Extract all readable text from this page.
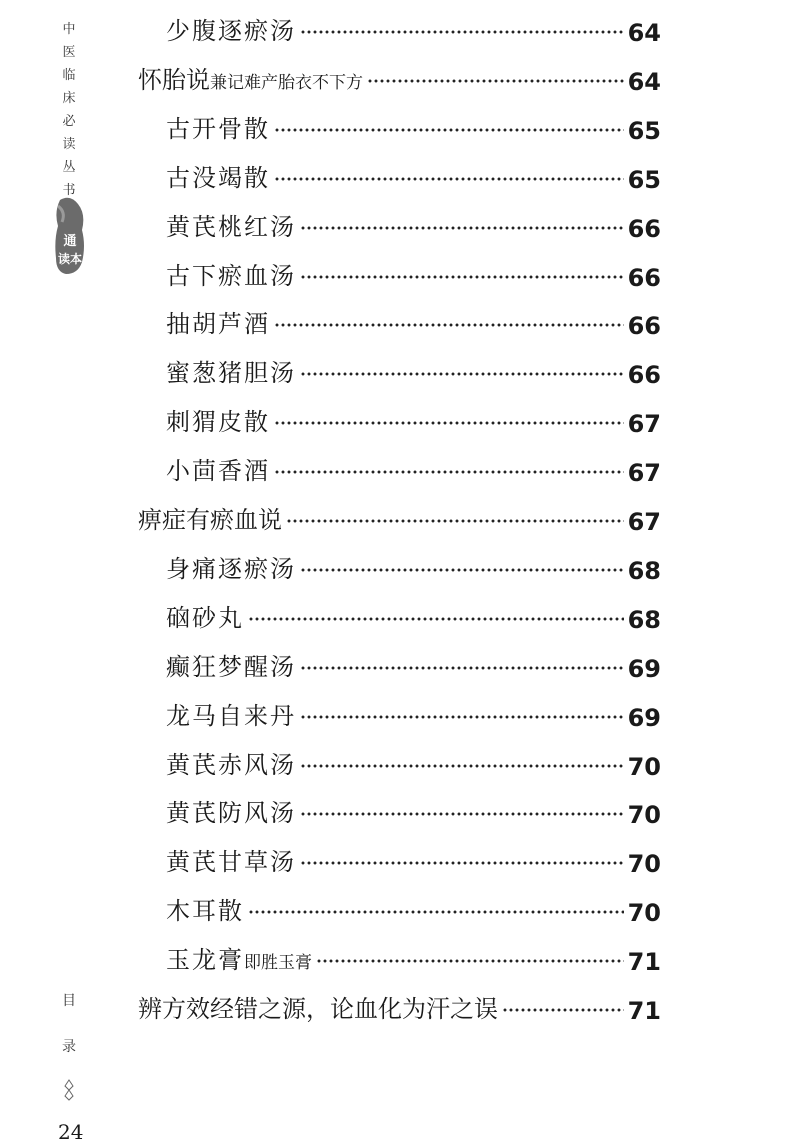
中
医
临
床
必
读
丛
书
通
读本
目
录
24
少腹逐瘀汤	64
怀胎说兼记难产胎衣不下方	64
古开骨散	65
古没竭散	65
黄芪桃红汤	66
古下瘀血汤	66
抽胡芦酒	66
蜜葱猪胆汤	66
刺猬皮散	67
小茴香酒	67
痹症有瘀血说	67
身痛逐瘀汤	68
硇砂丸	68
癫狂梦醒汤	69
龙马自来丹	69
黄芪赤风汤	70
黄芪防风汤	70
黄芪甘草汤	70
木耳散	70
玉龙膏即胜玉膏	71
辨方效经错之源，论血化为汗之误	71
